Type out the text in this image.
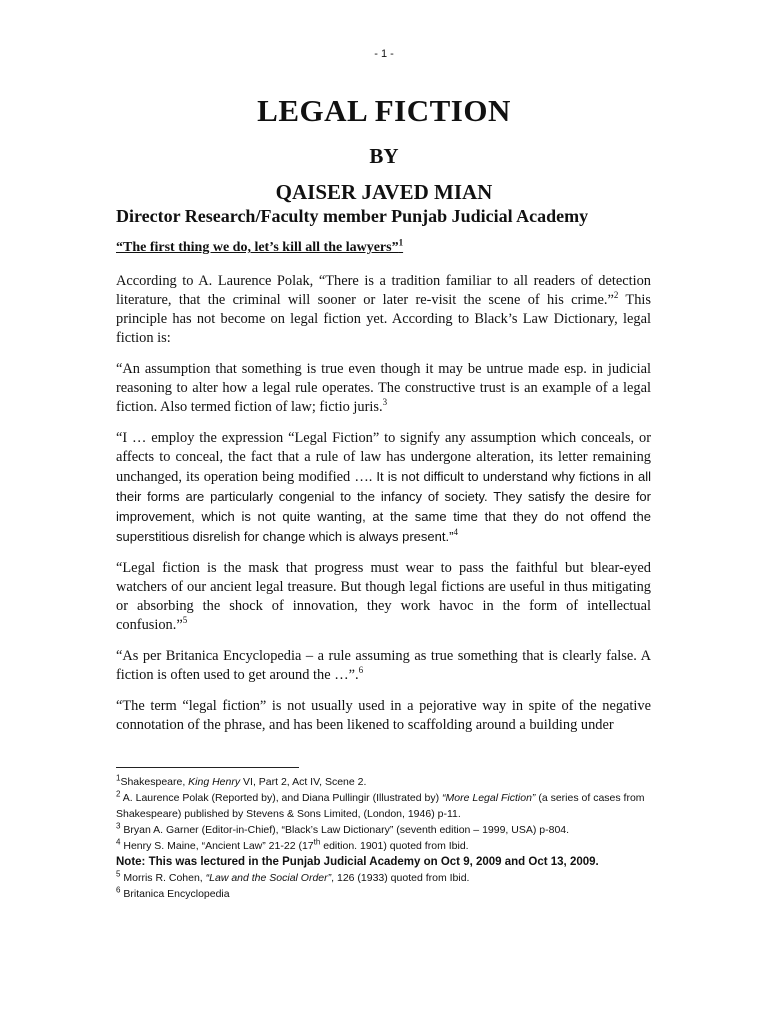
- 1 -
LEGAL FICTION
BY
QAISER JAVED MIAN
Director Research/Faculty member Punjab Judicial Academy
“The first thing we do, let’s kill all the lawyers”$^1$

According to A. Laurence Polak, “There is a tradition familiar to all readers of detection literature, that the criminal will sooner or later re-visit the scene of his crime.”$^2$ This principle has not become on legal fiction yet. According to Black’s Law Dictionary, legal fiction is:

“An assumption that something is true even though it may be untrue made esp. in judicial reasoning to alter how a legal rule operates. The constructive trust is an example of a legal fiction. Also termed fiction of law; fictio juris.$^3$

“I … employ the expression “Legal Fiction” to signify any assumption which conceals, or affects to conceal, the fact that a rule of law has undergone alteration, its letter remaining unchanged, its operation being modified …. It is not difficult to understand why fictions in all their forms are particularly congenial to the infancy of society. They satisfy the desire for improvement, which is not quite wanting, at the same time that they do not offend the superstitious disrelish for change which is always present.”$^4$

“Legal fiction is the mask that progress must wear to pass the faithful but blear-eyed watchers of our ancient legal treasure. But though legal fictions are useful in thus mitigating or absorbing the shock of innovation, they work havoc in the form of intellectual confusion.”$^5$

“As per Britanica Encyclopedia – a rule assuming as true something that is clearly false. A fiction is often used to get around the …”.$^6$

“The term “legal fiction” is not usually used in a pejorative way in spite of the negative connotation of the phrase, and has been likened to scaffolding around a building under

$^1$Shakespeare, King Henry VI, Part 2, Act IV, Scene 2.
$^2$ A. Laurence Polak (Reported by), and Diana Pullingir (Illustrated by) “More Legal Fiction” (a series of cases from Shakespeare) published by Stevens & Sons Limited, (London, 1946) p-11.
$^3$ Bryan A. Garner (Editor-in-Chief), “Black’s Law Dictionary” (seventh edition – 1999, USA) p-804.
$^4$ Henry S. Maine, “Ancient Law” 21-22 (17th edition. 1901) quoted from Ibid.
Note: This was lectured in the Punjab Judicial Academy on Oct 9, 2009 and Oct 13, 2009.
$^5$ Morris R. Cohen, “Law and the Social Order”, 126 (1933) quoted from Ibid.
$^6$ Britanica Encyclopedia
